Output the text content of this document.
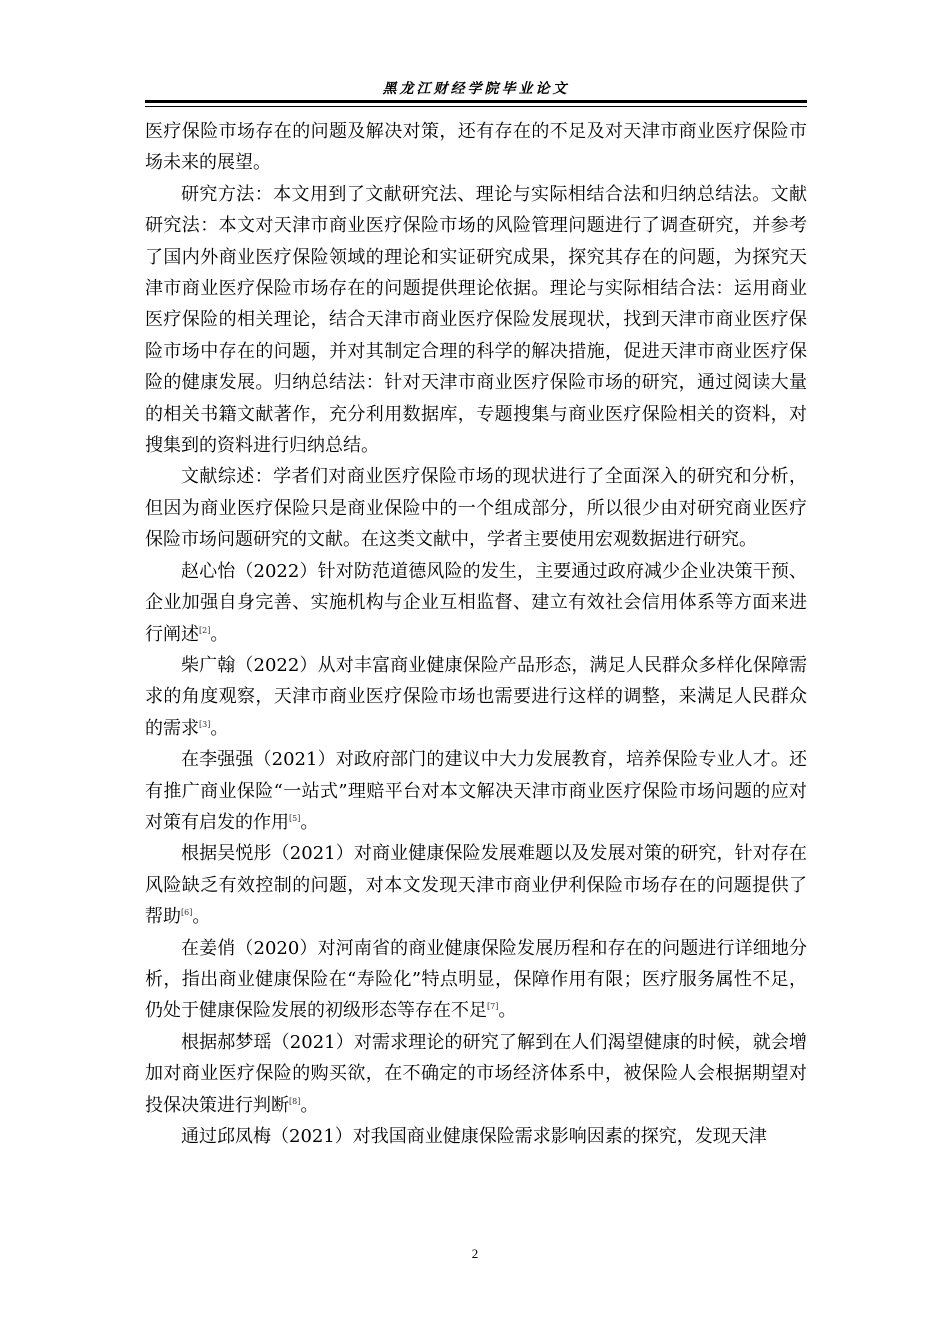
黑龙江财经学院毕业论文

医疗保险市场存在的问题及解决对策，还有存在的不足及对天津市商业医疗保险市场未来的展望。

研究方法：本文用到了文献研究法、理论与实际相结合法和归纳总结法。文献研究法：本文对天津市商业医疗保险市场的风险管理问题进行了调查研究，并参考了国内外商业医疗保险领域的理论和实证研究成果，探究其存在的问题，为探究天津市商业医疗保险市场存在的问题提供理论依据。理论与实际相结合法：运用商业医疗保险的相关理论，结合天津市商业医疗保险发展现状，找到天津市商业医疗保险市场中存在的问题，并对其制定合理的科学的解决措施，促进天津市商业医疗保险的健康发展。归纳总结法：针对天津市商业医疗保险市场的研究，通过阅读大量的相关书籍文献著作，充分利用数据库，专题搜集与商业医疗保险相关的资料，对搜集到的资料进行归纳总结。

文献综述：学者们对商业医疗保险市场的现状进行了全面深入的研究和分析，但因为商业医疗保险只是商业保险中的一个组成部分，所以很少由对研究商业医疗保险市场问题研究的文献。在这类文献中，学者主要使用宏观数据进行研究。

赵心怡（2022）针对防范道德风险的发生，主要通过政府减少企业决策干预、企业加强自身完善、实施机构与企业互相监督、建立有效社会信用体系等方面来进行阐述[2]。

柴广翰（2022）从对丰富商业健康保险产品形态，满足人民群众多样化保障需求的角度观察，天津市商业医疗保险市场也需要进行这样的调整，来满足人民群众的需求[3]。

在李强强（2021）对政府部门的建议中大力发展教育，培养保险专业人才。还有推广商业保险“一站式”理赔平台对本文解决天津市商业医疗保险市场问题的应对对策有启发的作用[5]。

根据吴悦彤（2021）对商业健康保险发展难题以及发展对策的研究，针对存在风险缺乏有效控制的问题，对本文发现天津市商业伊利保险市场存在的问题提供了帮助[6]。

在姜俏（2020）对河南省的商业健康保险发展历程和存在的问题进行详细地分析，指出商业健康保险在“寿险化”特点明显，保障作用有限；医疗服务属性不足，仍处于健康保险发展的初级形态等存在不足[7]。

根据郝梦瑶（2021）对需求理论的研究了解到在人们渴望健康的时候，就会增加对商业医疗保险的购买欲，在不确定的市场经济体系中，被保险人会根据期望对投保决策进行判断[8]。

通过邱凤梅（2021）对我国商业健康保险需求影响因素的探究，发现天津

2
